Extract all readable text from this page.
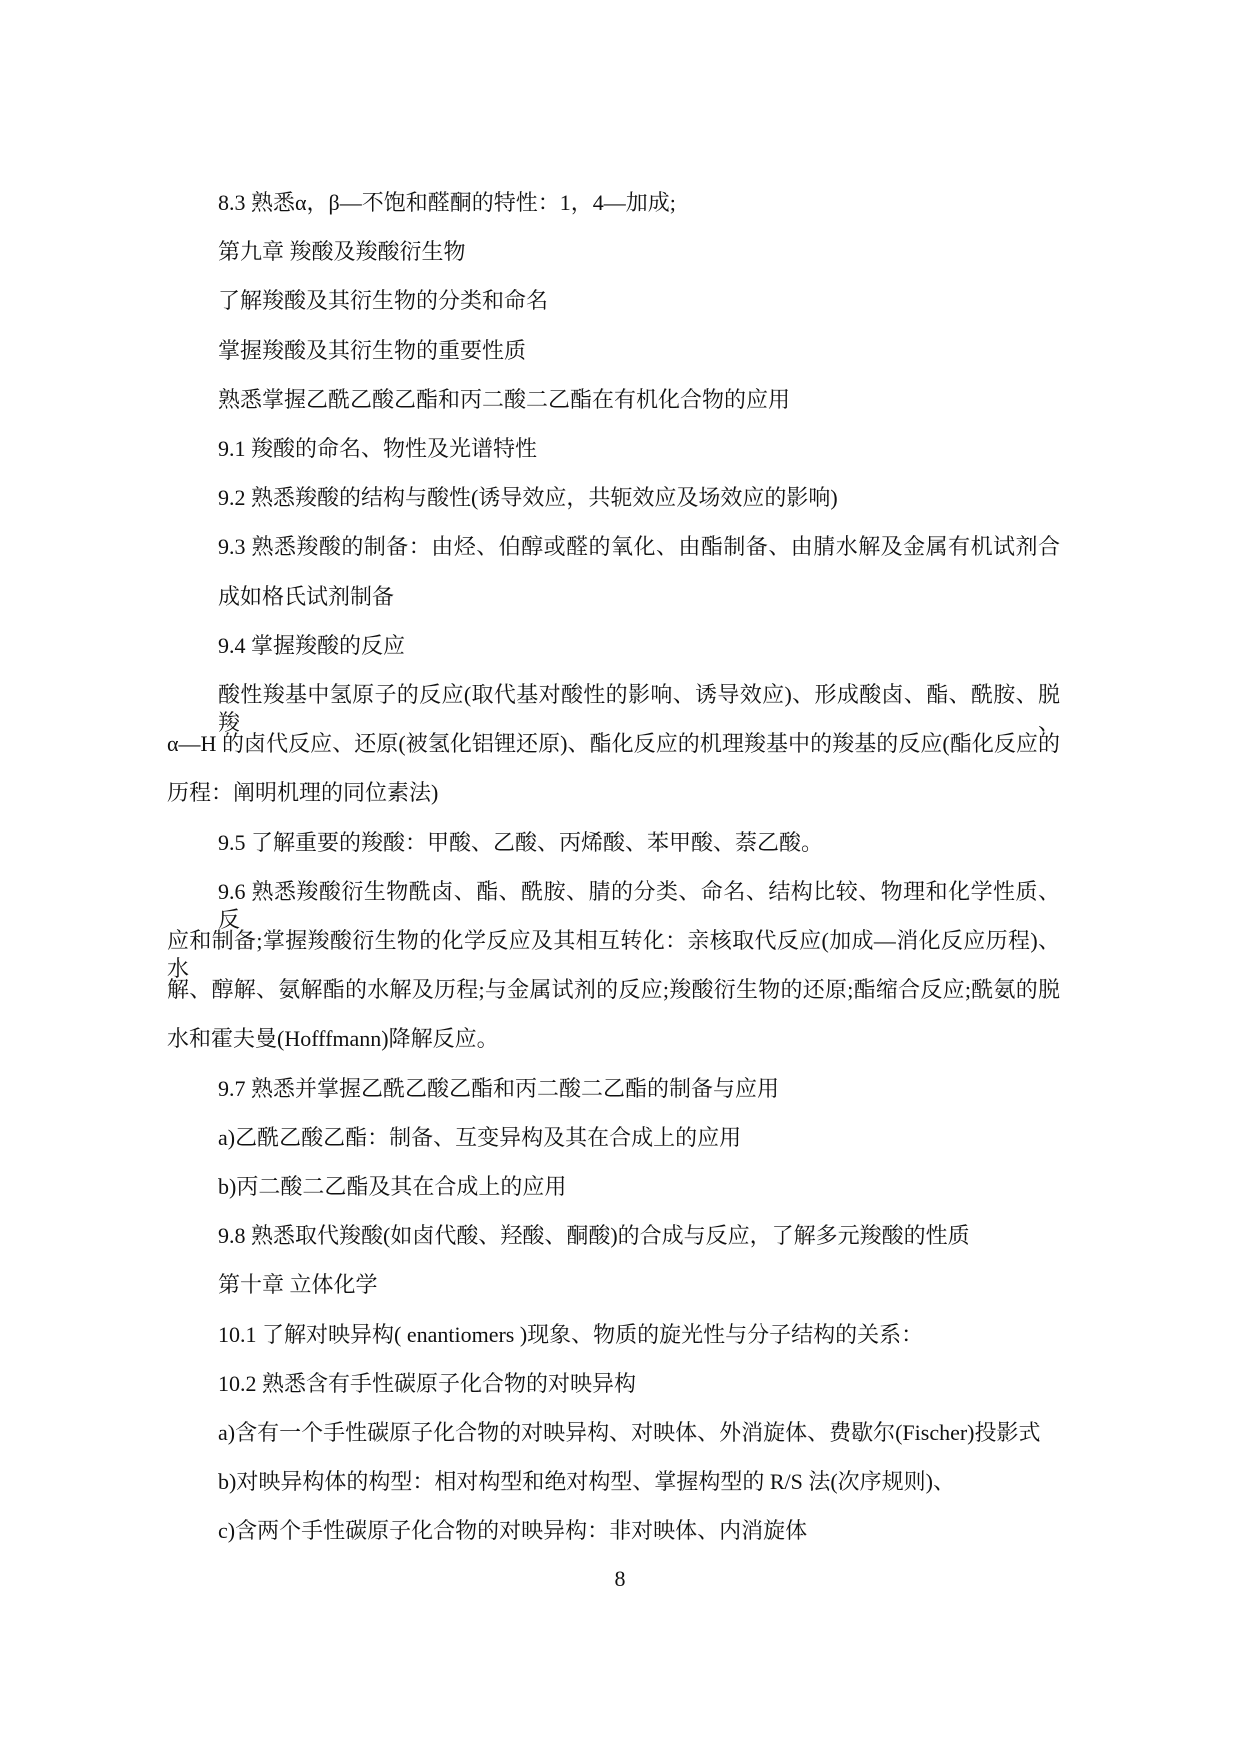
8.3 熟悉α，β—不饱和醛酮的特性：1，4—加成;
第九章 羧酸及羧酸衍生物
了解羧酸及其衍生物的分类和命名
掌握羧酸及其衍生物的重要性质
熟悉掌握乙酰乙酸乙酯和丙二酸二乙酯在有机化合物的应用
9.1 羧酸的命名、物性及光谱特性
9.2 熟悉羧酸的结构与酸性(诱导效应，共轭效应及场效应的影响)
9.3 熟悉羧酸的制备：由烃、伯醇或醛的氧化、由酯制备、由腈水解及金属有机试剂合
成如格氏试剂制备
9.4 掌握羧酸的反应
酸性羧基中氢原子的反应(取代基对酸性的影响、诱导效应)、形成酸卤、酯、酰胺、脱羧、
α—H 的卤代反应、还原(被氢化铝锂还原)、酯化反应的机理羧基中的羧基的反应(酯化反应的
历程：阐明机理的同位素法)
9.5 了解重要的羧酸：甲酸、乙酸、丙烯酸、苯甲酸、萘乙酸。
9.6 熟悉羧酸衍生物酰卤、酯、酰胺、腈的分类、命名、结构比较、物理和化学性质、反
应和制备;掌握羧酸衍生物的化学反应及其相互转化：亲核取代反应(加成—消化反应历程)、水
解、醇解、氨解酯的水解及历程;与金属试剂的反应;羧酸衍生物的还原;酯缩合反应;酰氨的脱
水和霍夫曼(Hofffmann)降解反应。
9.7 熟悉并掌握乙酰乙酸乙酯和丙二酸二乙酯的制备与应用
a)乙酰乙酸乙酯：制备、互变异构及其在合成上的应用
b)丙二酸二乙酯及其在合成上的应用
9.8 熟悉取代羧酸(如卤代酸、羟酸、酮酸)的合成与反应，了解多元羧酸的性质
第十章 立体化学
10.1 了解对映异构( enantiomers )现象、物质的旋光性与分子结构的关系：
10.2 熟悉含有手性碳原子化合物的对映异构
a)含有一个手性碳原子化合物的对映异构、对映体、外消旋体、费歇尔(Fischer)投影式
b)对映异构体的构型：相对构型和绝对构型、掌握构型的 R/S 法(次序规则)、
c)含两个手性碳原子化合物的对映异构：非对映体、内消旋体
8
